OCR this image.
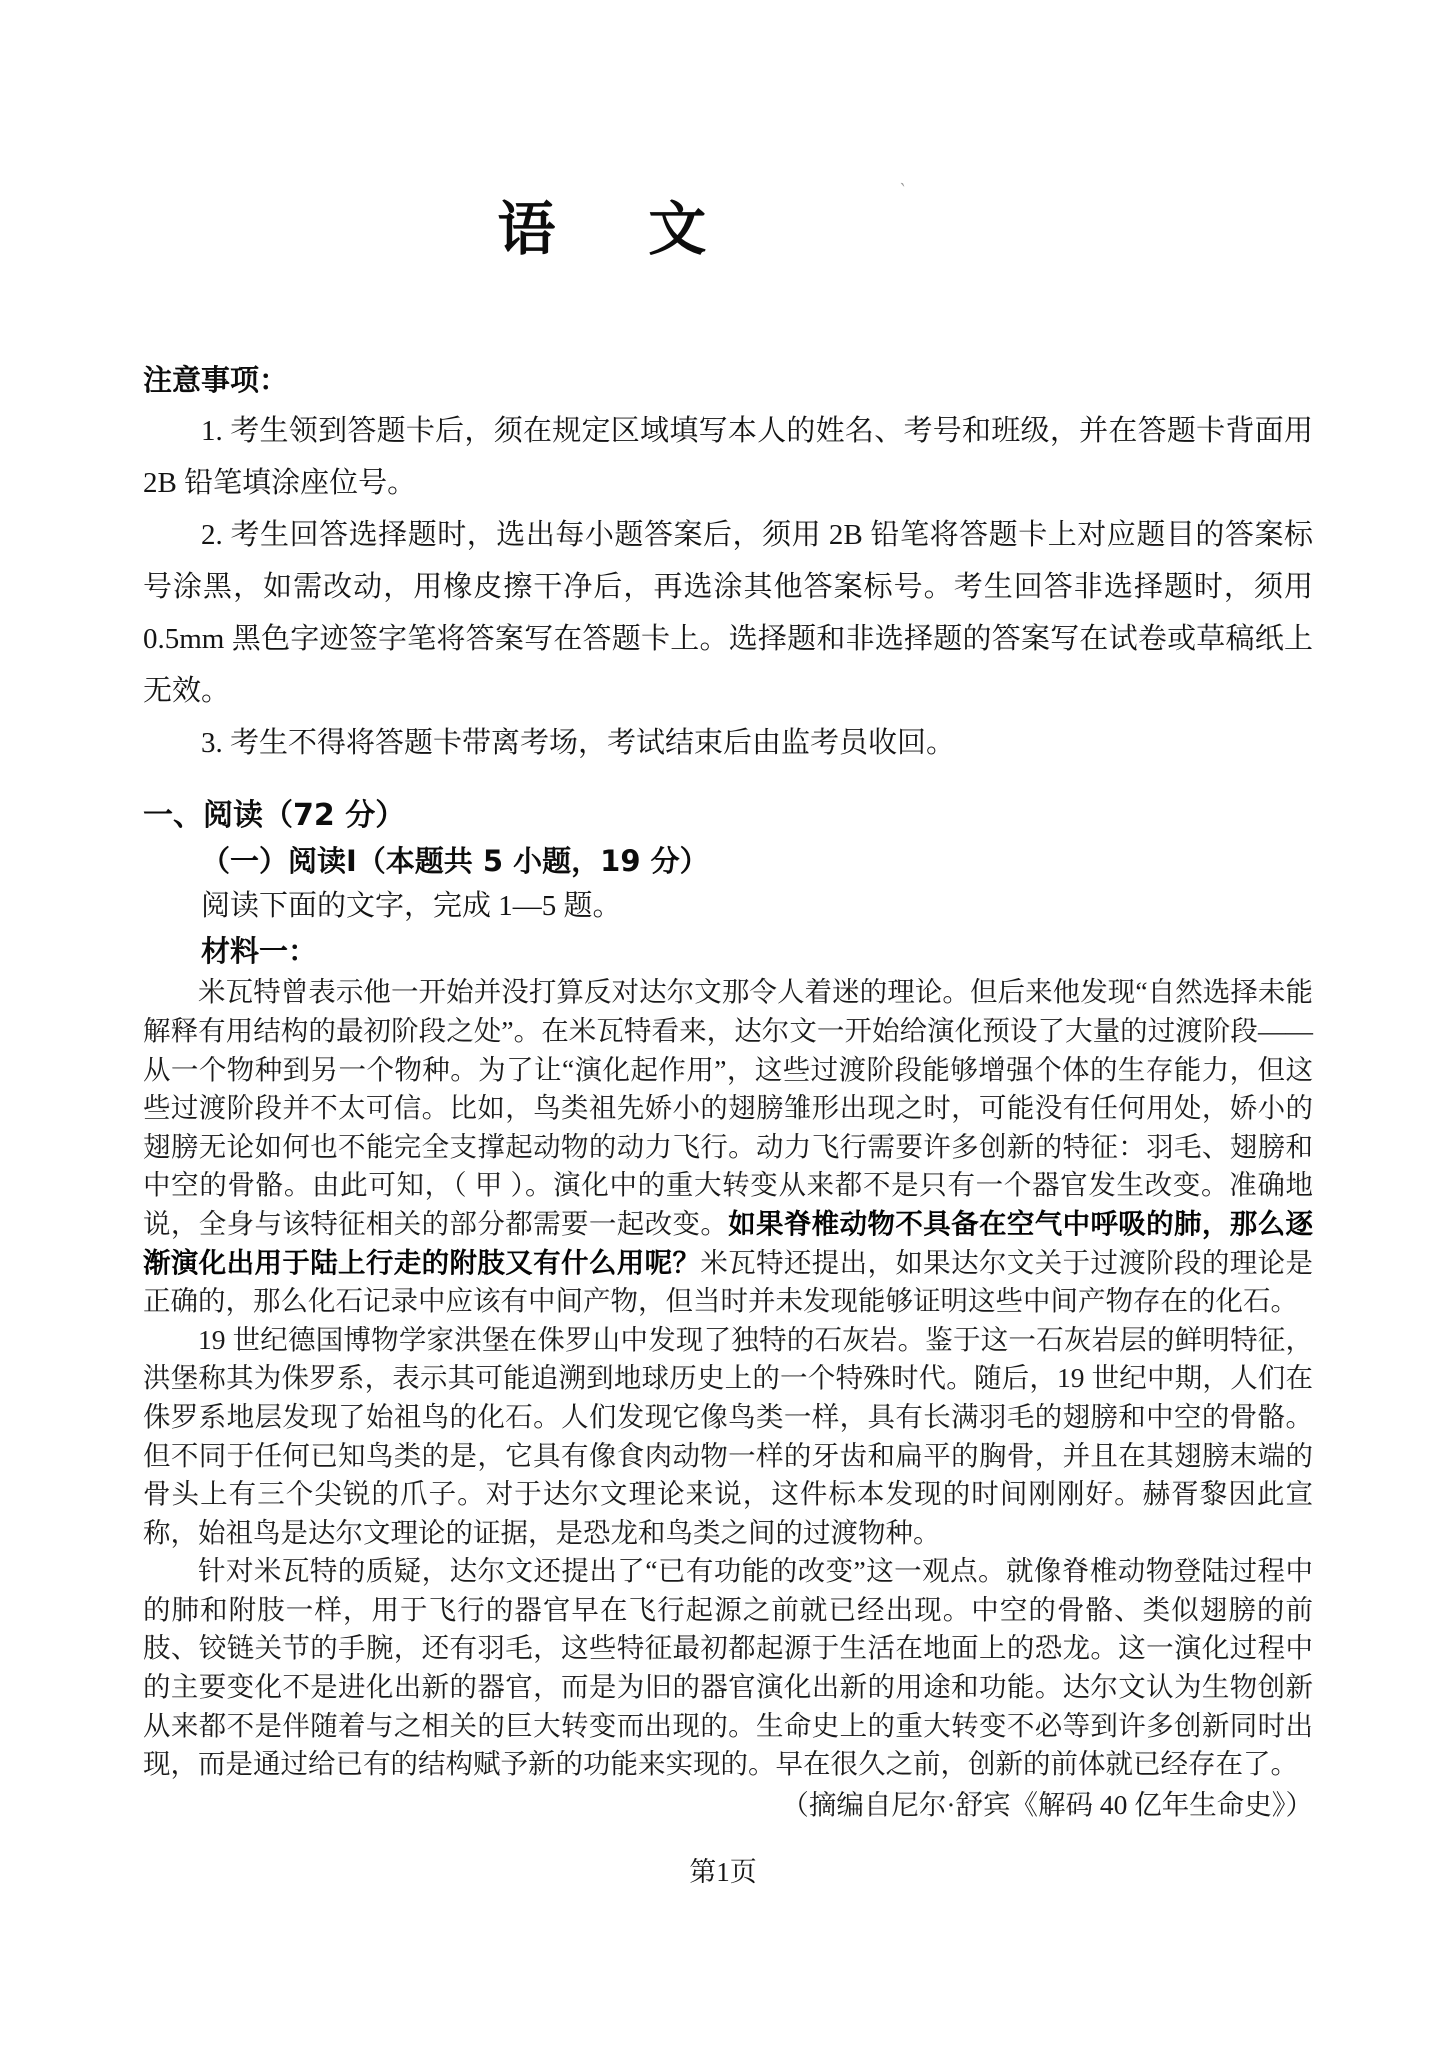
`
语　文
注意事项：

1. 考生领到答题卡后，须在规定区域填写本人的姓名、考号和班级，并在答题卡背面用 2B 铅笔填涂座位号。

2. 考生回答选择题时，选出每小题答案后，须用 2B 铅笔将答题卡上对应题目的答案标号涂黑，如需改动，用橡皮擦干净后，再选涂其他答案标号。考生回答非选择题时，须用 0.5mm 黑色字迹签字笔将答案写在答题卡上。选择题和非选择题的答案写在试卷或草稿纸上无效。

3. 考生不得将答题卡带离考场，考试结束后由监考员收回。

一、阅读（72 分）
（一）阅读Ⅰ（本题共 5 小题，19 分）
阅读下面的文字，完成 1—5 题。
材料一：

米瓦特曾表示他一开始并没打算反对达尔文那令人着迷的理论。但后来他发现“自然选择未能解释有用结构的最初阶段之处”。在米瓦特看来，达尔文一开始给演化预设了大量的过渡阶段——从一个物种到另一个物种。为了让“演化起作用”，这些过渡阶段能够增强个体的生存能力，但这些过渡阶段并不太可信。比如，鸟类祖先娇小的翅膀雏形出现之时，可能没有任何用处，娇小的翅膀无论如何也不能完全支撑起动物的动力飞行。动力飞行需要许多创新的特征：羽毛、翅膀和中空的骨骼。由此可知，（ 甲 ）。演化中的重大转变从来都不是只有一个器官发生改变。准确地说，全身与该特征相关的部分都需要一起改变。如果脊椎动物不具备在空气中呼吸的肺，那么逐渐演化出用于陆上行走的附肢又有什么用呢？米瓦特还提出，如果达尔文关于过渡阶段的理论是正确的，那么化石记录中应该有中间产物，但当时并未发现能够证明这些中间产物存在的化石。

19 世纪德国博物学家洪堡在侏罗山中发现了独特的石灰岩。鉴于这一石灰岩层的鲜明特征，洪堡称其为侏罗系，表示其可能追溯到地球历史上的一个特殊时代。随后，19 世纪中期，人们在侏罗系地层发现了始祖鸟的化石。人们发现它像鸟类一样，具有长满羽毛的翅膀和中空的骨骼。但不同于任何已知鸟类的是，它具有像食肉动物一样的牙齿和扁平的胸骨，并且在其翅膀末端的骨头上有三个尖锐的爪子。对于达尔文理论来说，这件标本发现的时间刚刚好。赫胥黎因此宣称，始祖鸟是达尔文理论的证据，是恐龙和鸟类之间的过渡物种。

针对米瓦特的质疑，达尔文还提出了“已有功能的改变”这一观点。就像脊椎动物登陆过程中的肺和附肢一样，用于飞行的器官早在飞行起源之前就已经出现。中空的骨骼、类似翅膀的前肢、铰链关节的手腕，还有羽毛，这些特征最初都起源于生活在地面上的恐龙。这一演化过程中的主要变化不是进化出新的器官，而是为旧的器官演化出新的用途和功能。达尔文认为生物创新从来都不是伴随着与之相关的巨大转变而出现的。生命史上的重大转变不必等到许多创新同时出现，而是通过给已有的结构赋予新的功能来实现的。早在很久之前，创新的前体就已经存在了。

（摘编自尼尔·舒宾《解码 40 亿年生命史》）

第1页
